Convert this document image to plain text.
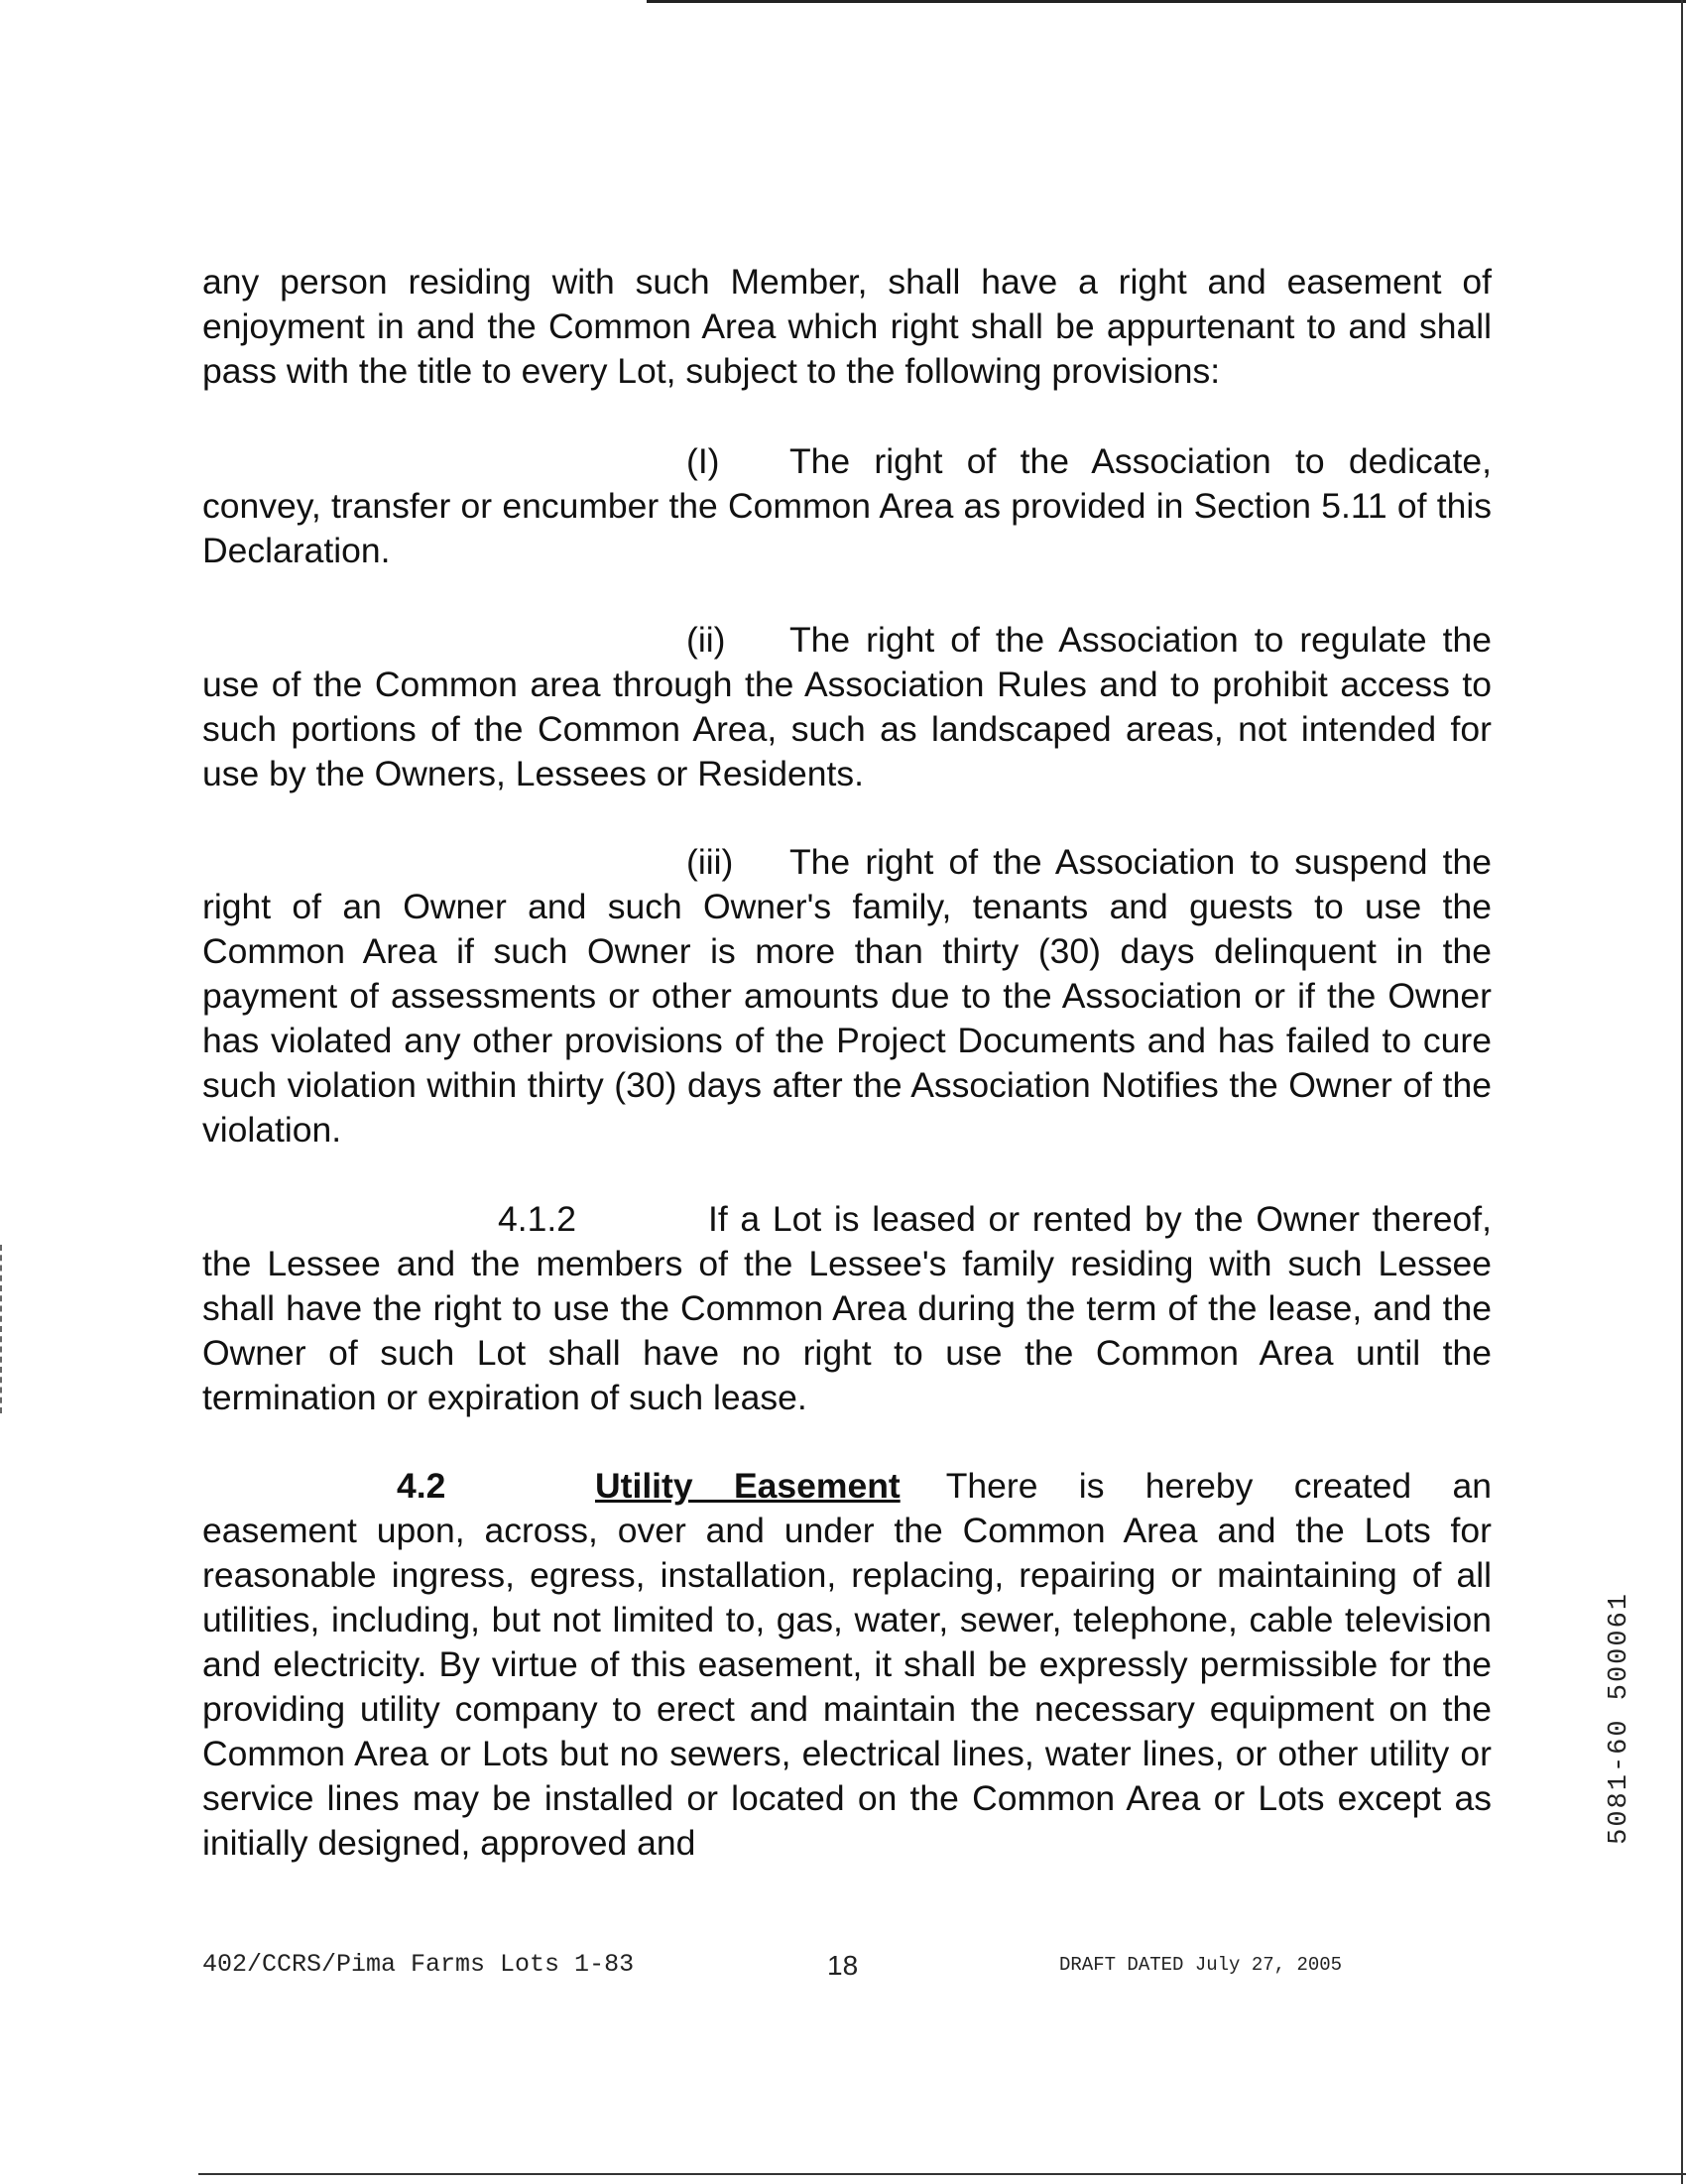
any person residing with such Member, shall have a right and easement of enjoyment in and the Common Area which right shall be appurtenant to and shall pass with the title to every Lot, subject to the following provisions:

(I) The right of the Association to dedicate, convey, transfer or encumber the Common Area as provided in Section 5.11 of this Declaration.

(ii) The right of the Association to regulate the use of the Common area through the Association Rules and to prohibit access to such portions of the Common Area, such as landscaped areas, not intended for use by the Owners, Lessees or Residents.

(iii) The right of the Association to suspend the right of an Owner and such Owner's family, tenants and guests to use the Common Area if such Owner is more than thirty (30) days delinquent in the payment of assessments or other amounts due to the Association or if the Owner has violated any other provisions of the Project Documents and has failed to cure such violation within thirty (30) days after the Association Notifies the Owner of the violation.

4.1.2	If a Lot is leased or rented by the Owner thereof, the Lessee and the members of the Lessee's family residing with such Lessee shall have the right to use the Common Area during the term of the lease, and the Owner of such Lot shall have no right to use the Common Area until the termination or expiration of such lease.

4.2	Utility Easement There is hereby created an easement upon, across, over and under the Common Area and the Lots for reasonable ingress, egress, installation, replacing, repairing or maintaining of all utilities, including, but not limited to, gas, water, sewer, telephone, cable television and electricity. By virtue of this easement, it shall be expressly permissible for the providing utility company to erect and maintain the necessary equipment on the Common Area or Lots but no sewers, electrical lines, water lines, or other utility or service lines may be installed or located on the Common Area or Lots except as initially designed, approved and

402/CCRS/Pima Farms Lots 1-83	18	DRAFT DATED July 27, 2005
5081-60 500061
